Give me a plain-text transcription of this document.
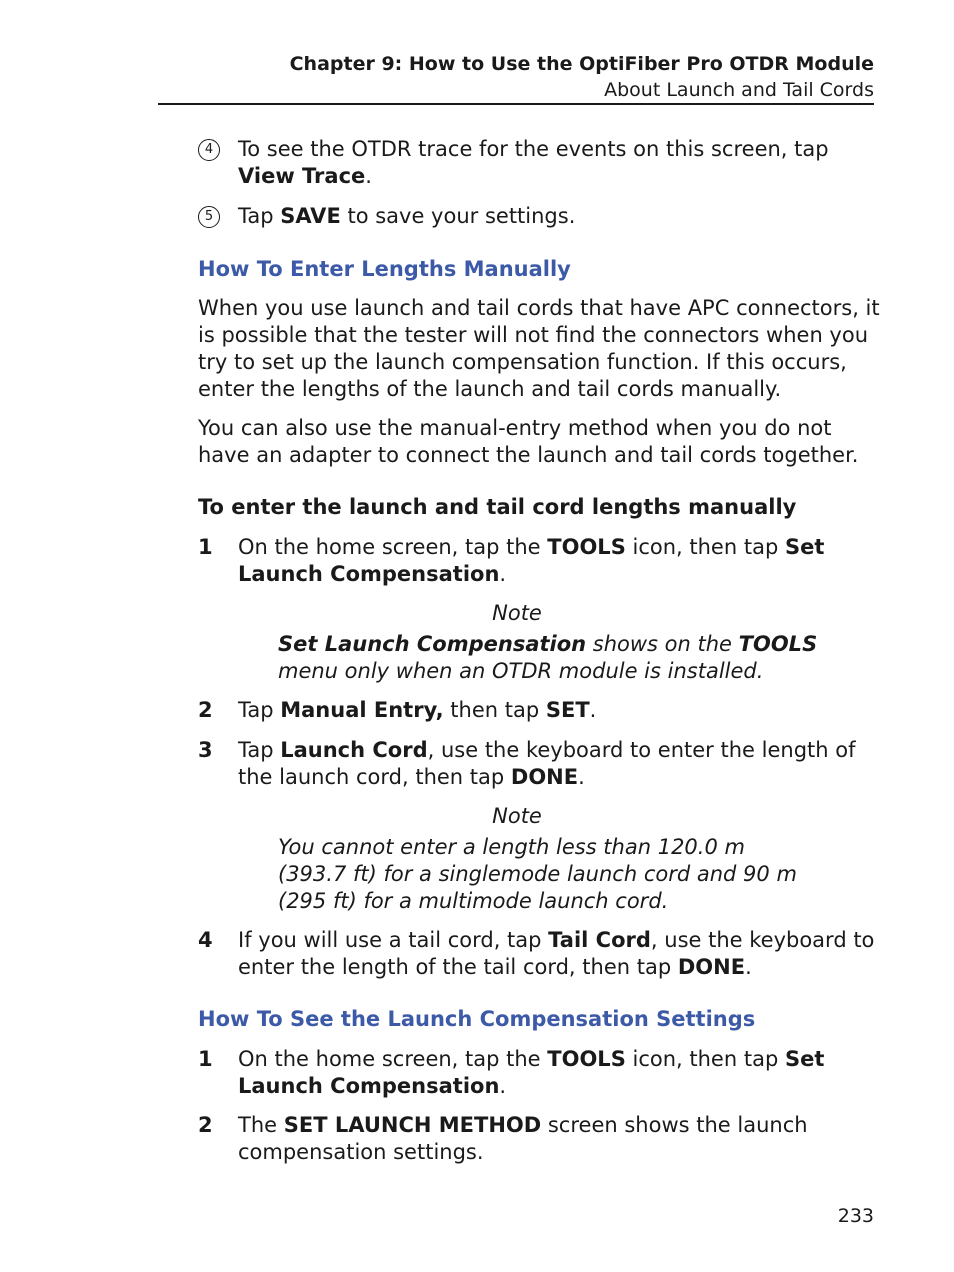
Chapter 9: How to Use the OptiFiber Pro OTDR Module
About Launch and Tail Cords
4	To see the OTDR trace for the events on this screen, tap View Trace.

5	Tap SAVE to save your settings.

How To Enter Lengths Manually

When you use launch and tail cords that have APC connectors, it is possible that the tester will not find the connectors when you try to set up the launch compensation function. If this occurs, enter the lengths of the launch and tail cords manually.

You can also use the manual-entry method when you do not have an adapter to connect the launch and tail cords together.

To enter the launch and tail cord lengths manually
1 On the home screen, tap the TOOLS icon, then tap Set Launch Compensation.

Note

Set Launch Compensation shows on the TOOLS menu only when an OTDR module is installed.

2 Tap Manual Entry, then tap SET.

3 Tap Launch Cord, use the keyboard to enter the length of the launch cord, then tap DONE.

Note

You cannot enter a length less than 120.0 m (393.7 ft) for a singlemode launch cord and 90 m (295 ft) for a multimode launch cord.

4 If you will use a tail cord, tap Tail Cord, use the keyboard to enter the length of the tail cord, then tap DONE.

How To See the Launch Compensation Settings
1 On the home screen, tap the TOOLS icon, then tap Set Launch Compensation.

2 The SET LAUNCH METHOD screen shows the launch compensation settings.

233
